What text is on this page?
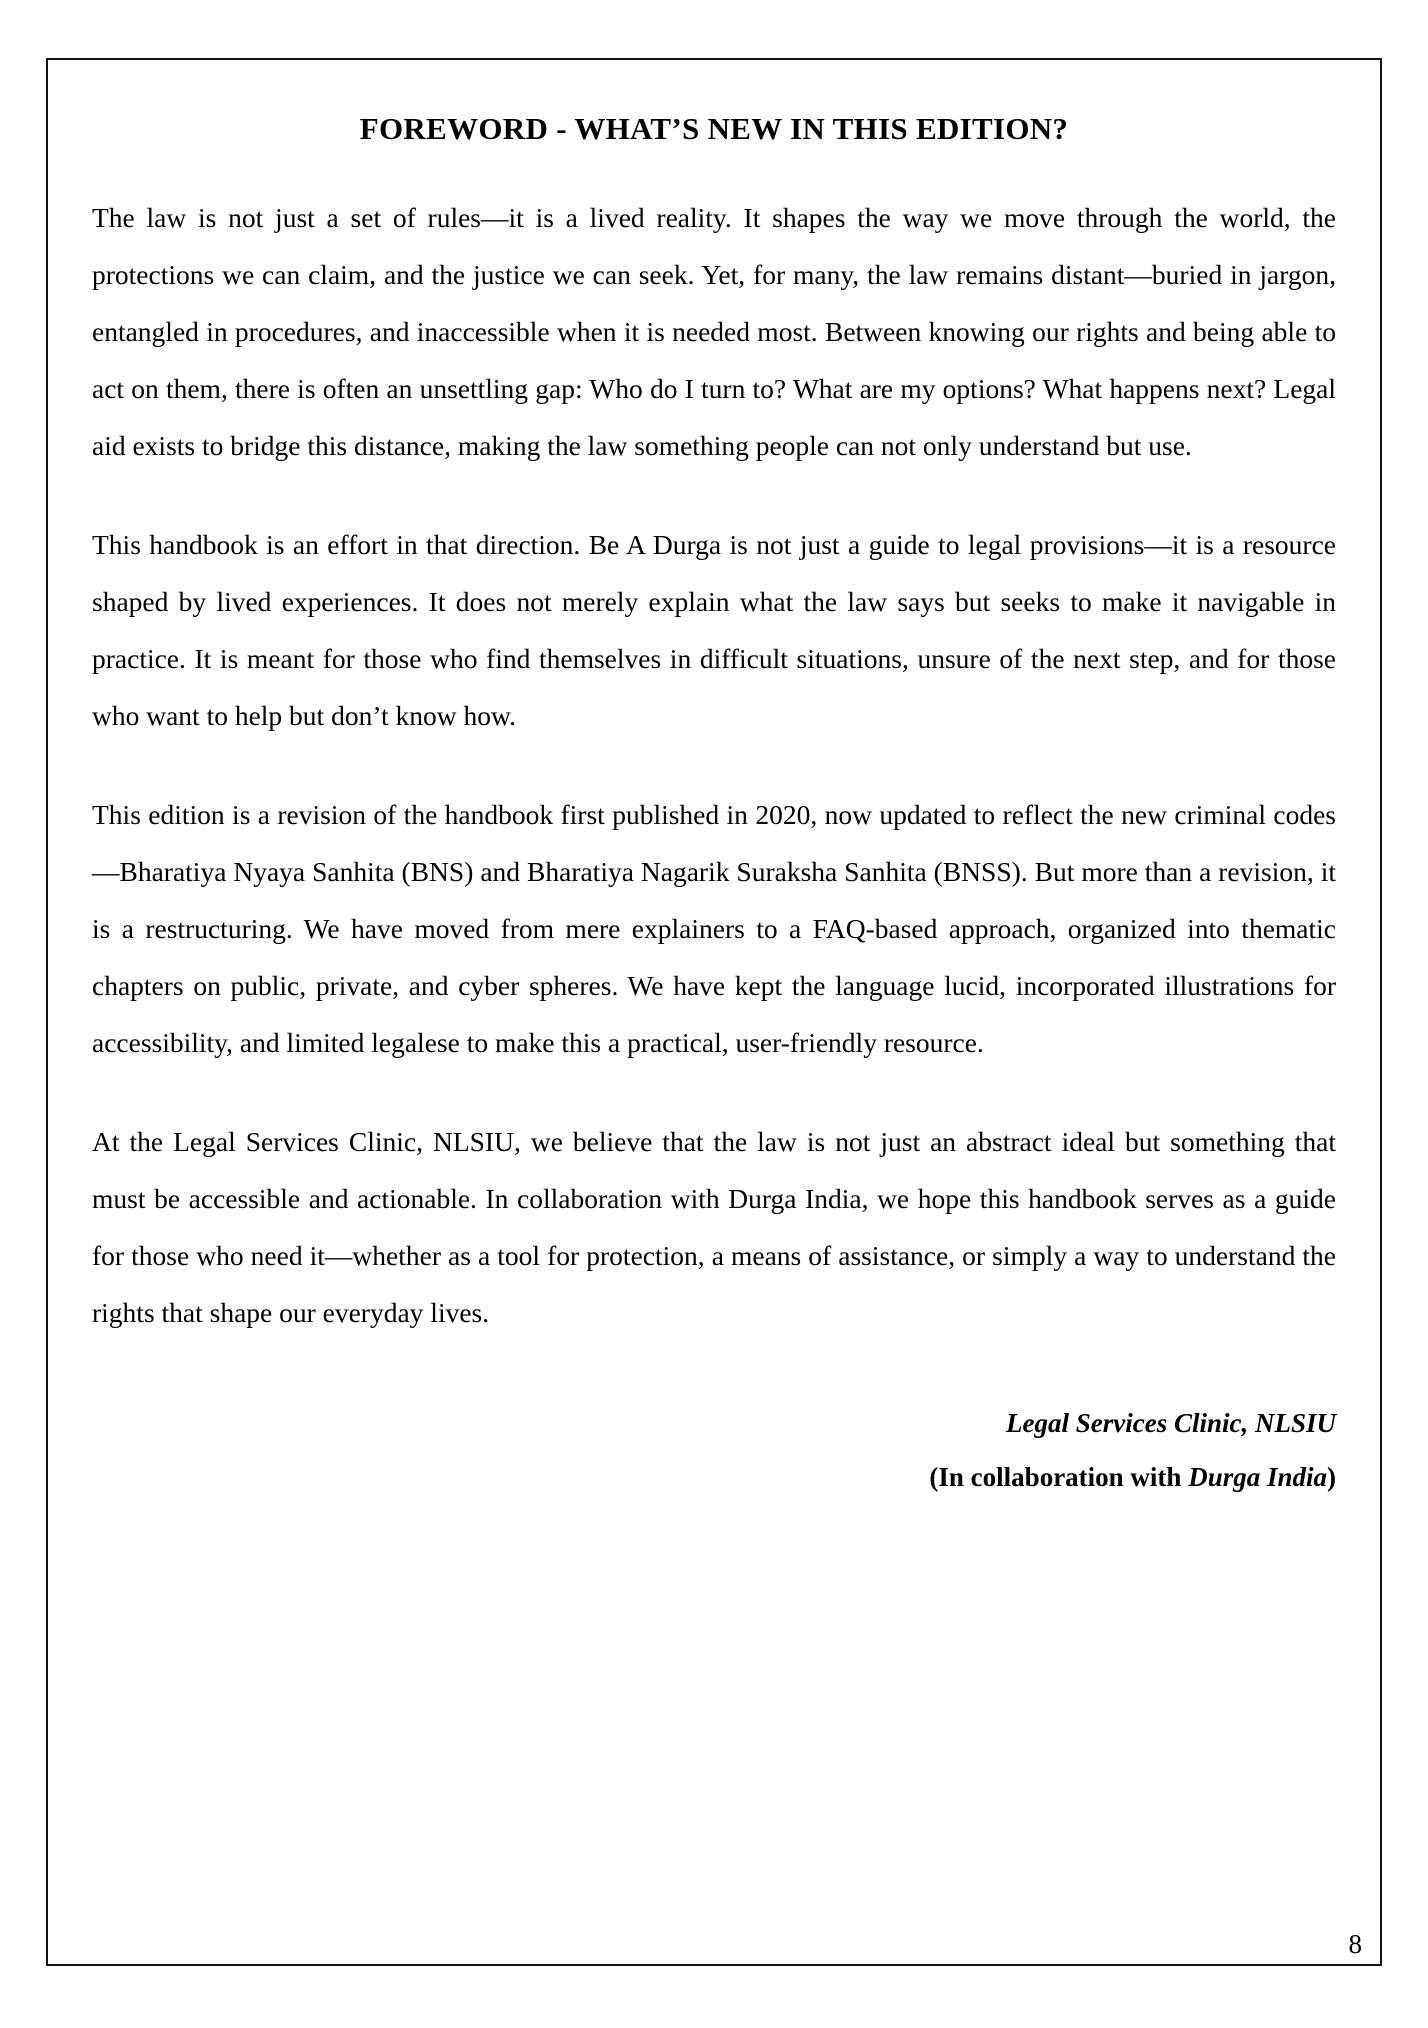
FOREWORD - WHAT’S NEW IN THIS EDITION?

The law is not just a set of rules—it is a lived reality. It shapes the way we move through the world, the protections we can claim, and the justice we can seek. Yet, for many, the law remains distant—buried in jargon, entangled in procedures, and inaccessible when it is needed most. Between knowing our rights and being able to act on them, there is often an unsettling gap: Who do I turn to? What are my options? What happens next? Legal aid exists to bridge this distance, making the law something people can not only understand but use.

This handbook is an effort in that direction. Be A Durga is not just a guide to legal provisions—it is a resource shaped by lived experiences. It does not merely explain what the law says but seeks to make it navigable in practice. It is meant for those who find themselves in difficult situations, unsure of the next step, and for those who want to help but don’t know how.

This edition is a revision of the handbook first published in 2020, now updated to reflect the new criminal codes—Bharatiya Nyaya Sanhita (BNS) and Bharatiya Nagarik Suraksha Sanhita (BNSS). But more than a revision, it is a restructuring. We have moved from mere explainers to a FAQ-based approach, organized into thematic chapters on public, private, and cyber spheres. We have kept the language lucid, incorporated illustrations for accessibility, and limited legalese to make this a practical, user-friendly resource.

At the Legal Services Clinic, NLSIU, we believe that the law is not just an abstract ideal but something that must be accessible and actionable. In collaboration with Durga India, we hope this handbook serves as a guide for those who need it—whether as a tool for protection, a means of assistance, or simply a way to understand the rights that shape our everyday lives.

Legal Services Clinic, NLSIU
(In collaboration with Durga India)
8
